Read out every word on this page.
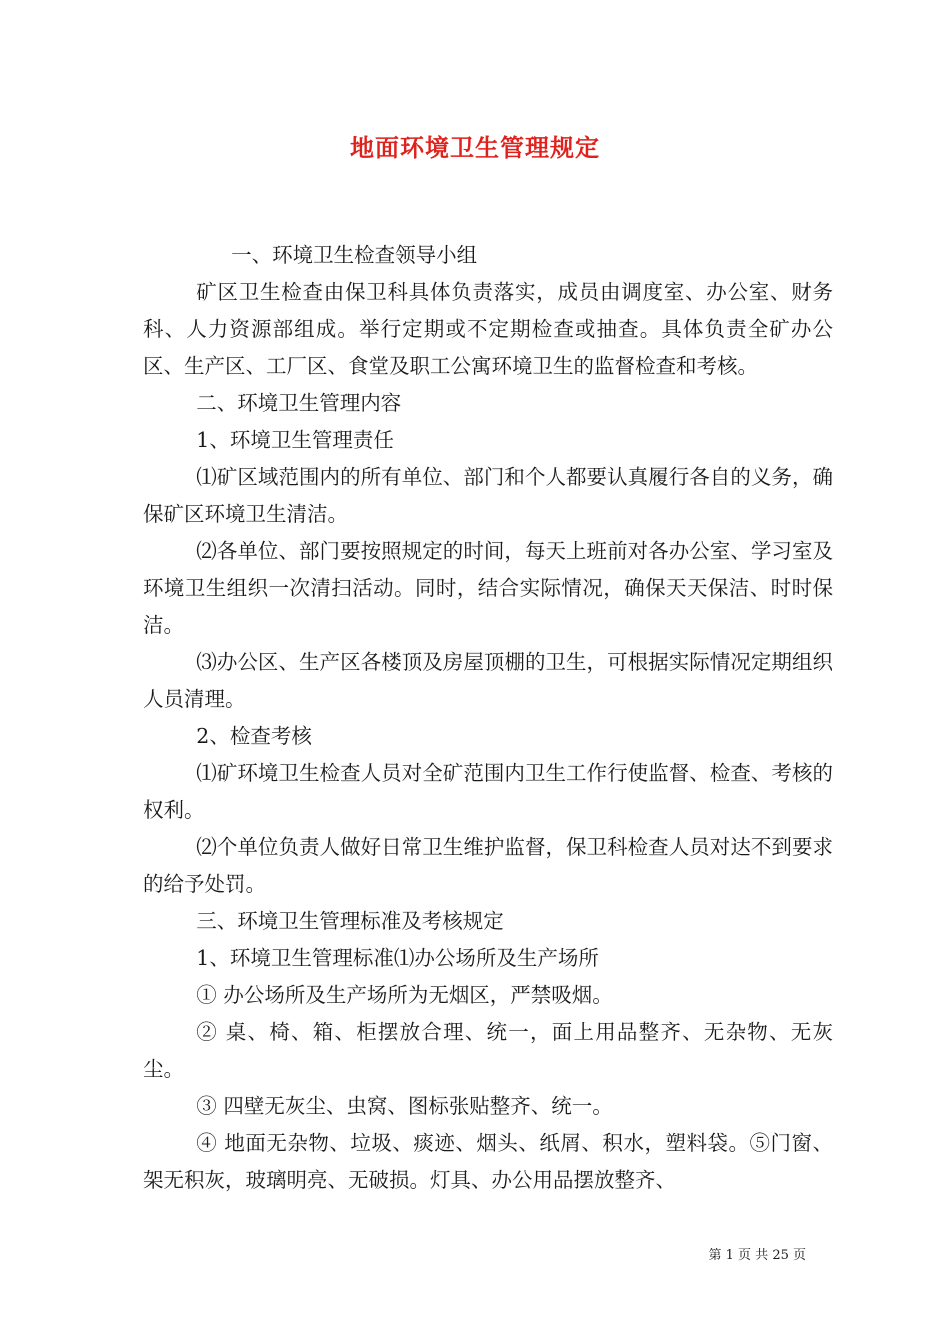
地面环境卫生管理规定

一、环境卫生检查领导小组

矿区卫生检查由保卫科具体负责落实，成员由调度室、办公室、财务科、人力资源部组成。举行定期或不定期检查或抽查。具体负责全矿办公区、生产区、工厂区、食堂及职工公寓环境卫生的监督检查和考核。

二、环境卫生管理内容

1、环境卫生管理责任

⑴矿区域范围内的所有单位、部门和个人都要认真履行各自的义务，确保矿区环境卫生清洁。

⑵各单位、部门要按照规定的时间，每天上班前对各办公室、学习室及环境卫生组织一次清扫活动。同时，结合实际情况，确保天天保洁、时时保洁。

⑶办公区、生产区各楼顶及房屋顶棚的卫生，可根据实际情况定期组织人员清理。

2、检查考核

⑴矿环境卫生检查人员对全矿范围内卫生工作行使监督、检查、考核的权利。

⑵个单位负责人做好日常卫生维护监督，保卫科检查人员对达不到要求的给予处罚。

三、环境卫生管理标准及考核规定

1、环境卫生管理标准⑴办公场所及生产场所

① 办公场所及生产场所为无烟区，严禁吸烟。

② 桌、椅、箱、柜摆放合理、统一，面上用品整齐、无杂物、无灰尘。

③ 四壁无灰尘、虫窝、图标张贴整齐、统一。

④ 地面无杂物、垃圾、痰迹、烟头、纸屑、积水，塑料袋。⑤门窗、架无积灰，玻璃明亮、无破损。灯具、办公用品摆放整齐、

第 1 页 共 25 页
